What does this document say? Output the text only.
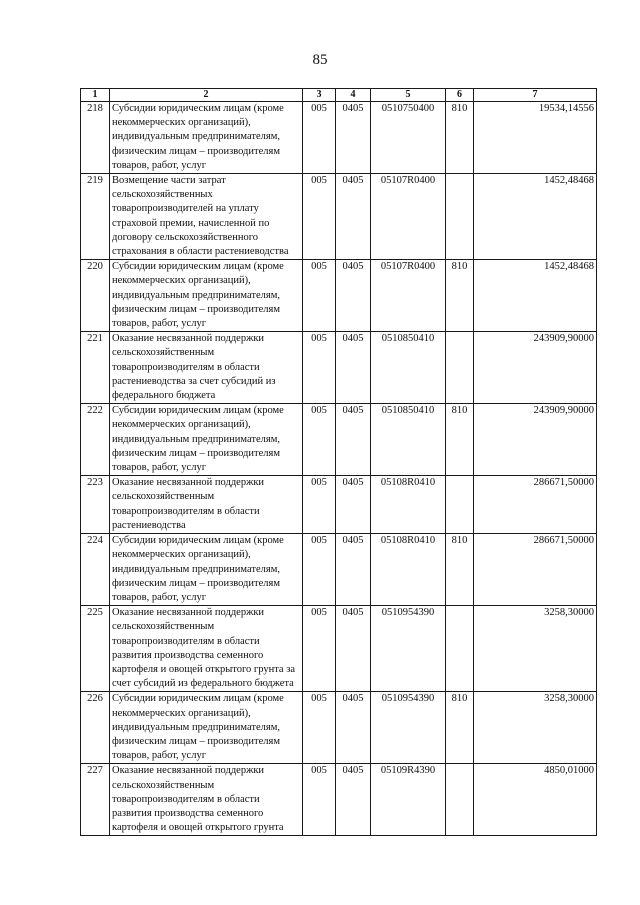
85
1	2	3	4	5	6	7
218	Субсидии юридическим лицам (кроме некоммерческих организаций), индивидуальным предпринимателям, физическим лицам – производителям товаров, работ, услуг	005	0405	0510750400	810	19534,14556
219	Возмещение части затрат сельскохозяйственных товаропроизводителей на уплату страховой премии, начисленной по договору сельскохозяйственного страхования в области растениеводства	005	0405	05107R0400		1452,48468
220	Субсидии юридическим лицам (кроме некоммерческих организаций), индивидуальным предпринимателям, физическим лицам – производителям товаров, работ, услуг	005	0405	05107R0400	810	1452,48468
221	Оказание несвязанной поддержки сельскохозяйственным товаропроизводителям в области растениеводства за счет субсидий из федерального бюджета	005	0405	0510850410		243909,90000
222	Субсидии юридическим лицам (кроме некоммерческих организаций), индивидуальным предпринимателям, физическим лицам – производителям товаров, работ, услуг	005	0405	0510850410	810	243909,90000
223	Оказание несвязанной поддержки сельскохозяйственным товаропроизводителям в области растениеводства	005	0405	05108R0410		286671,50000
224	Субсидии юридическим лицам (кроме некоммерческих организаций), индивидуальным предпринимателям, физическим лицам – производителям товаров, работ, услуг	005	0405	05108R0410	810	286671,50000
225	Оказание несвязанной поддержки сельскохозяйственным товаропроизводителям в области развития производства семенного картофеля и овощей открытого грунта за счет субсидий из федерального бюджета	005	0405	0510954390		3258,30000
226	Субсидии юридическим лицам (кроме некоммерческих организаций), индивидуальным предпринимателям, физическим лицам – производителям товаров, работ, услуг	005	0405	0510954390	810	3258,30000
227	Оказание несвязанной поддержки сельскохозяйственным товаропроизводителям в области развития производства семенного картофеля и овощей открытого грунта	005	0405	05109R4390		4850,01000
